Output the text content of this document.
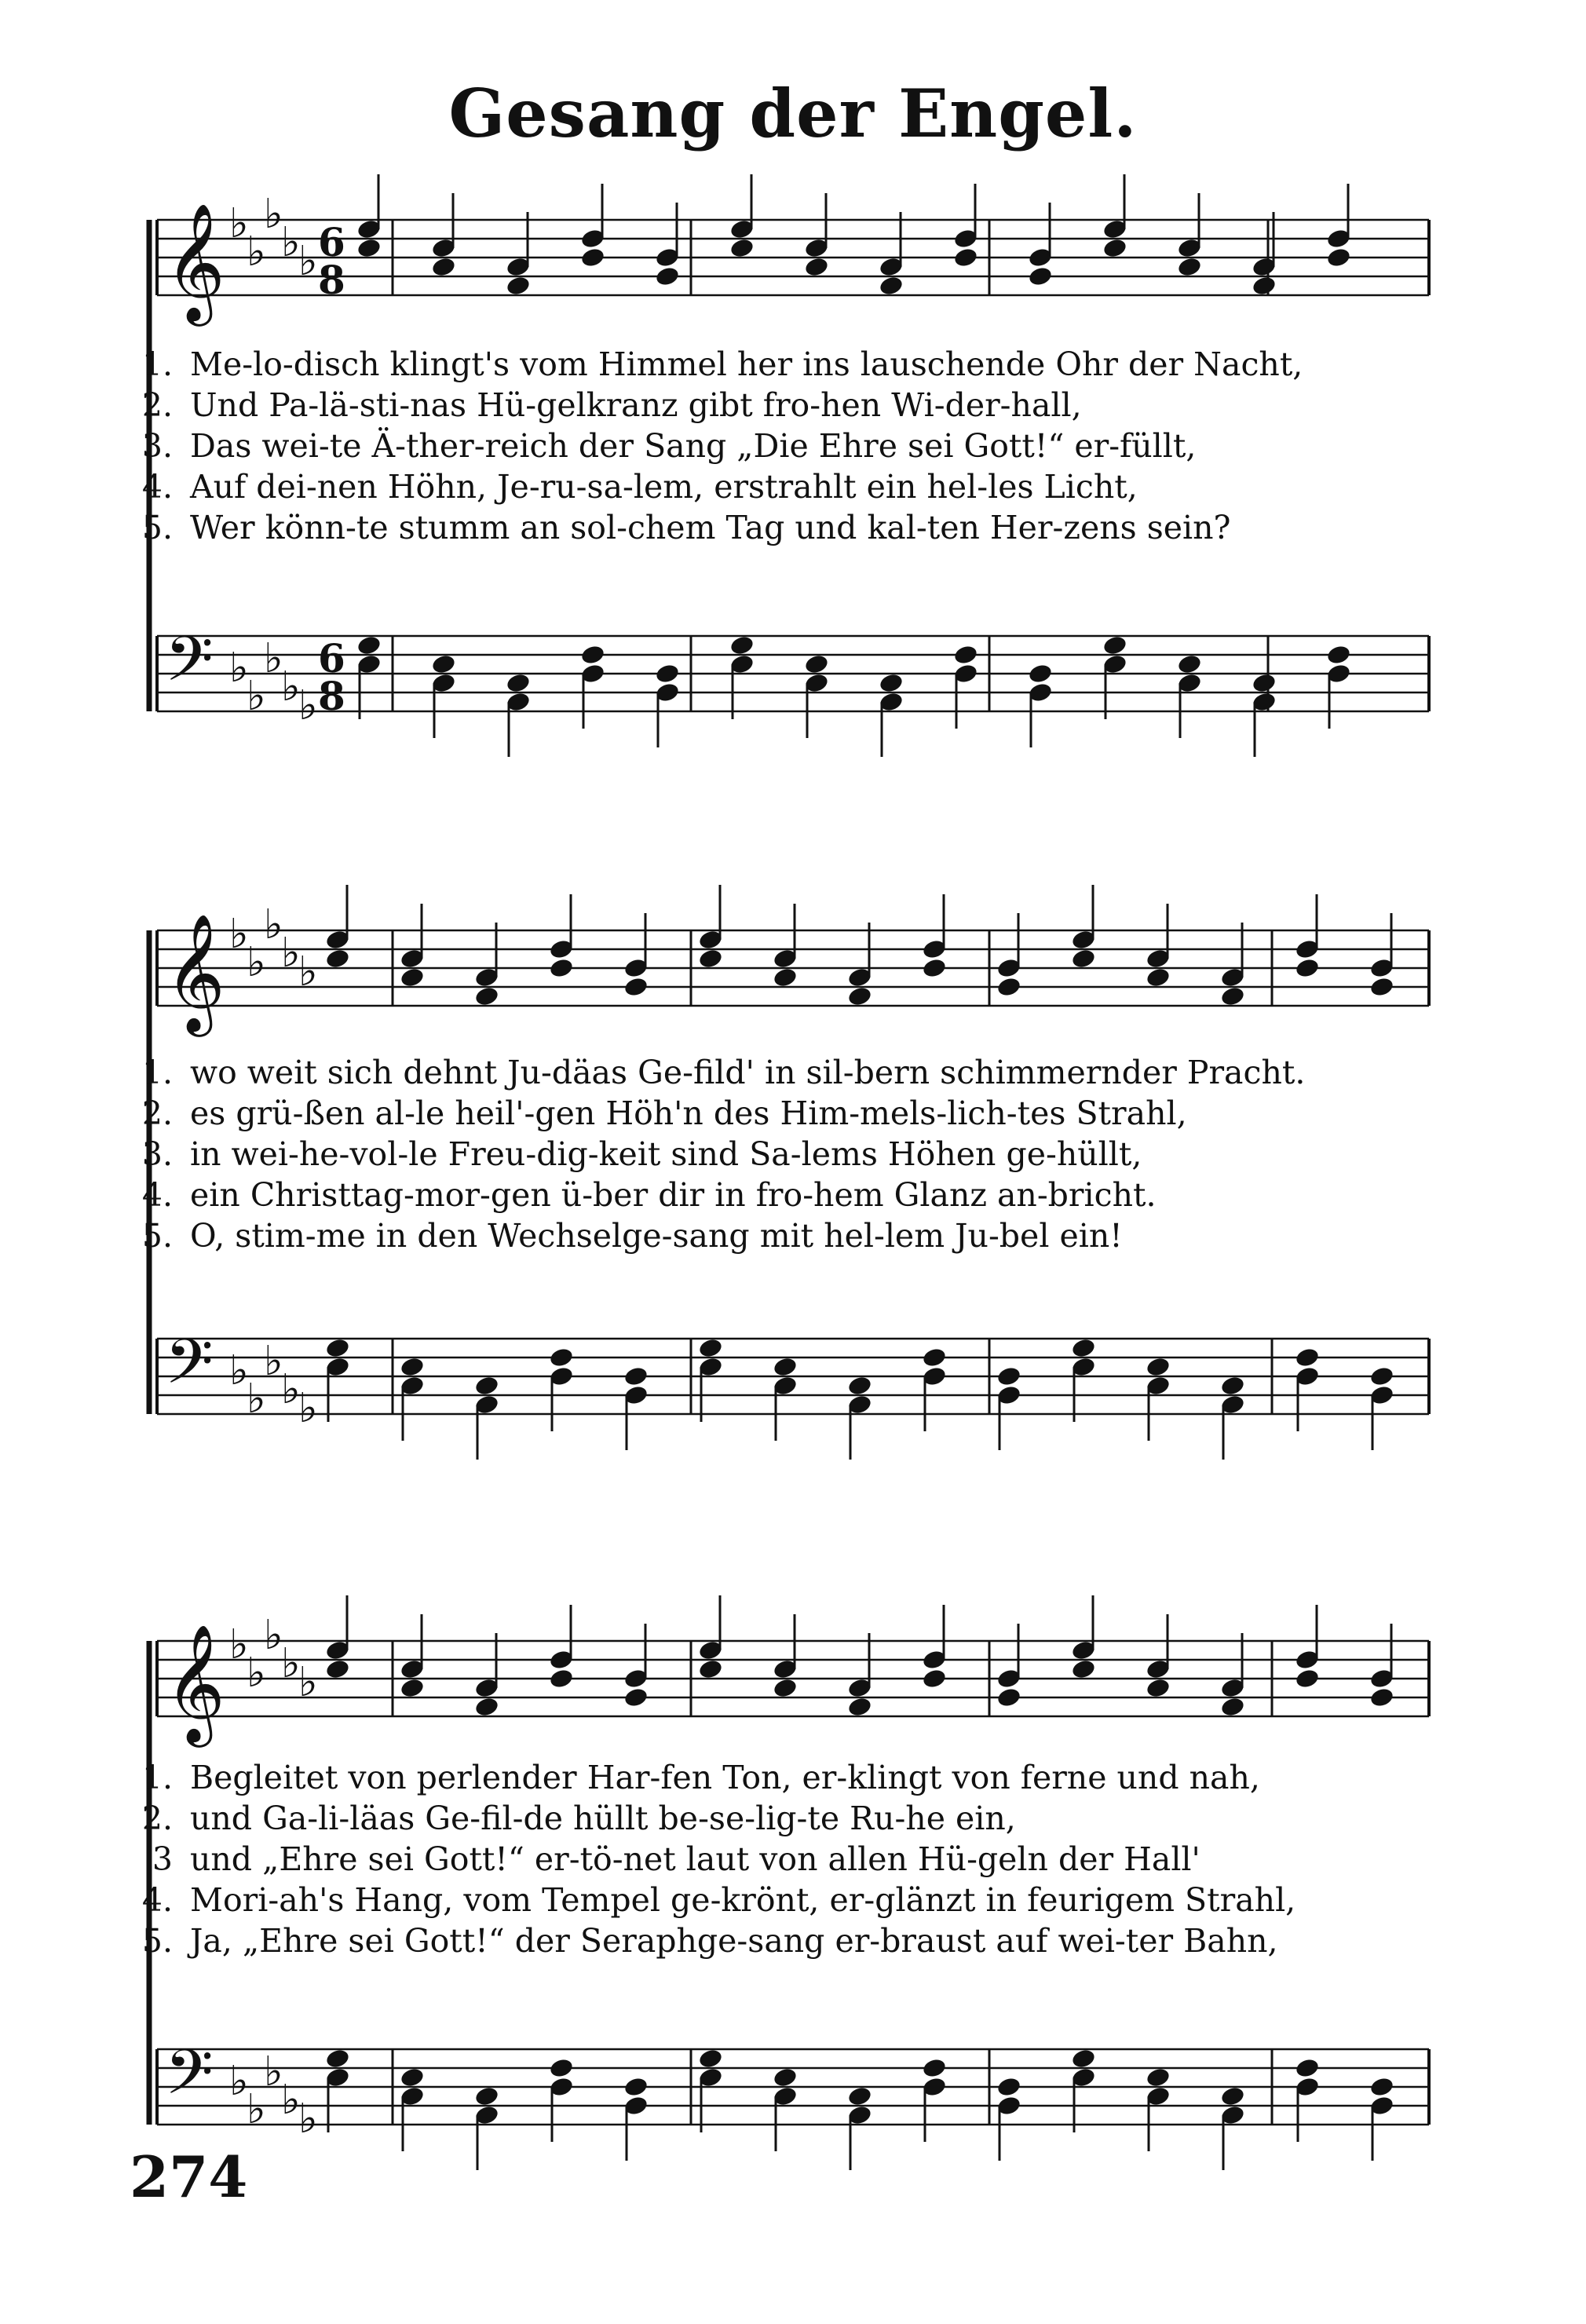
Gesang der Engel.
𝄞 ♭
♭
♭
♭
♭ 6
8
𝄢 ♭
♭
♭
♭
♭
6
8
1. Me-lo-disch klingt's vom Himmel her ins lauschende Ohr der Nacht,
2. Und Pa-lä-sti-nas Hü-gelkranz gibt fro-hen Wi-der-hall,
3. Das wei-te Ä-ther-reich der Sang „Die Ehre sei Gott!“ er-füllt,
4. Auf dei-nen Höhn, Je-ru-sa-lem, erstrahlt ein hel-les Licht,
5. Wer könn-te stumm an sol-chem Tag und kal-ten Her-zens sein?
𝄞 ♭
♭
♭
♭
♭
𝄢 ♭
♭
♭
♭
♭
1. wo weit sich dehnt Ju-däas Ge-fild' in sil-bern schimmernder Pracht.
2. es grü-ßen al-le heil'-gen Höh'n des Him-mels-lich-tes Strahl,
3. in wei-he-vol-le Freu-dig-keit sind Sa-lems Höhen ge-hüllt,
4. ein Christtag-mor-gen ü-ber dir in fro-hem Glanz an-bricht.
5. O, stim-me in den Wechselge-sang mit hel-lem Ju-bel ein!
𝄞 ♭
♭
♭
♭
♭
𝄢 ♭
♭
♭
♭
♭
1. Begleitet von perlender Har-fen Ton, er-klingt von ferne und nah,
2. und Ga-li-läas Ge-fil-de hüllt be-se-lig-te Ru-he ein,
3 und „Ehre sei Gott!“ er-tö-net laut von allen Hü-geln der Hall'
4. Mori-ah's Hang, vom Tempel ge-krönt, er-glänzt in feurigem Strahl,
5. Ja, „Ehre sei Gott!“ der Seraphge-sang er-braust auf wei-ter Bahn,
274
